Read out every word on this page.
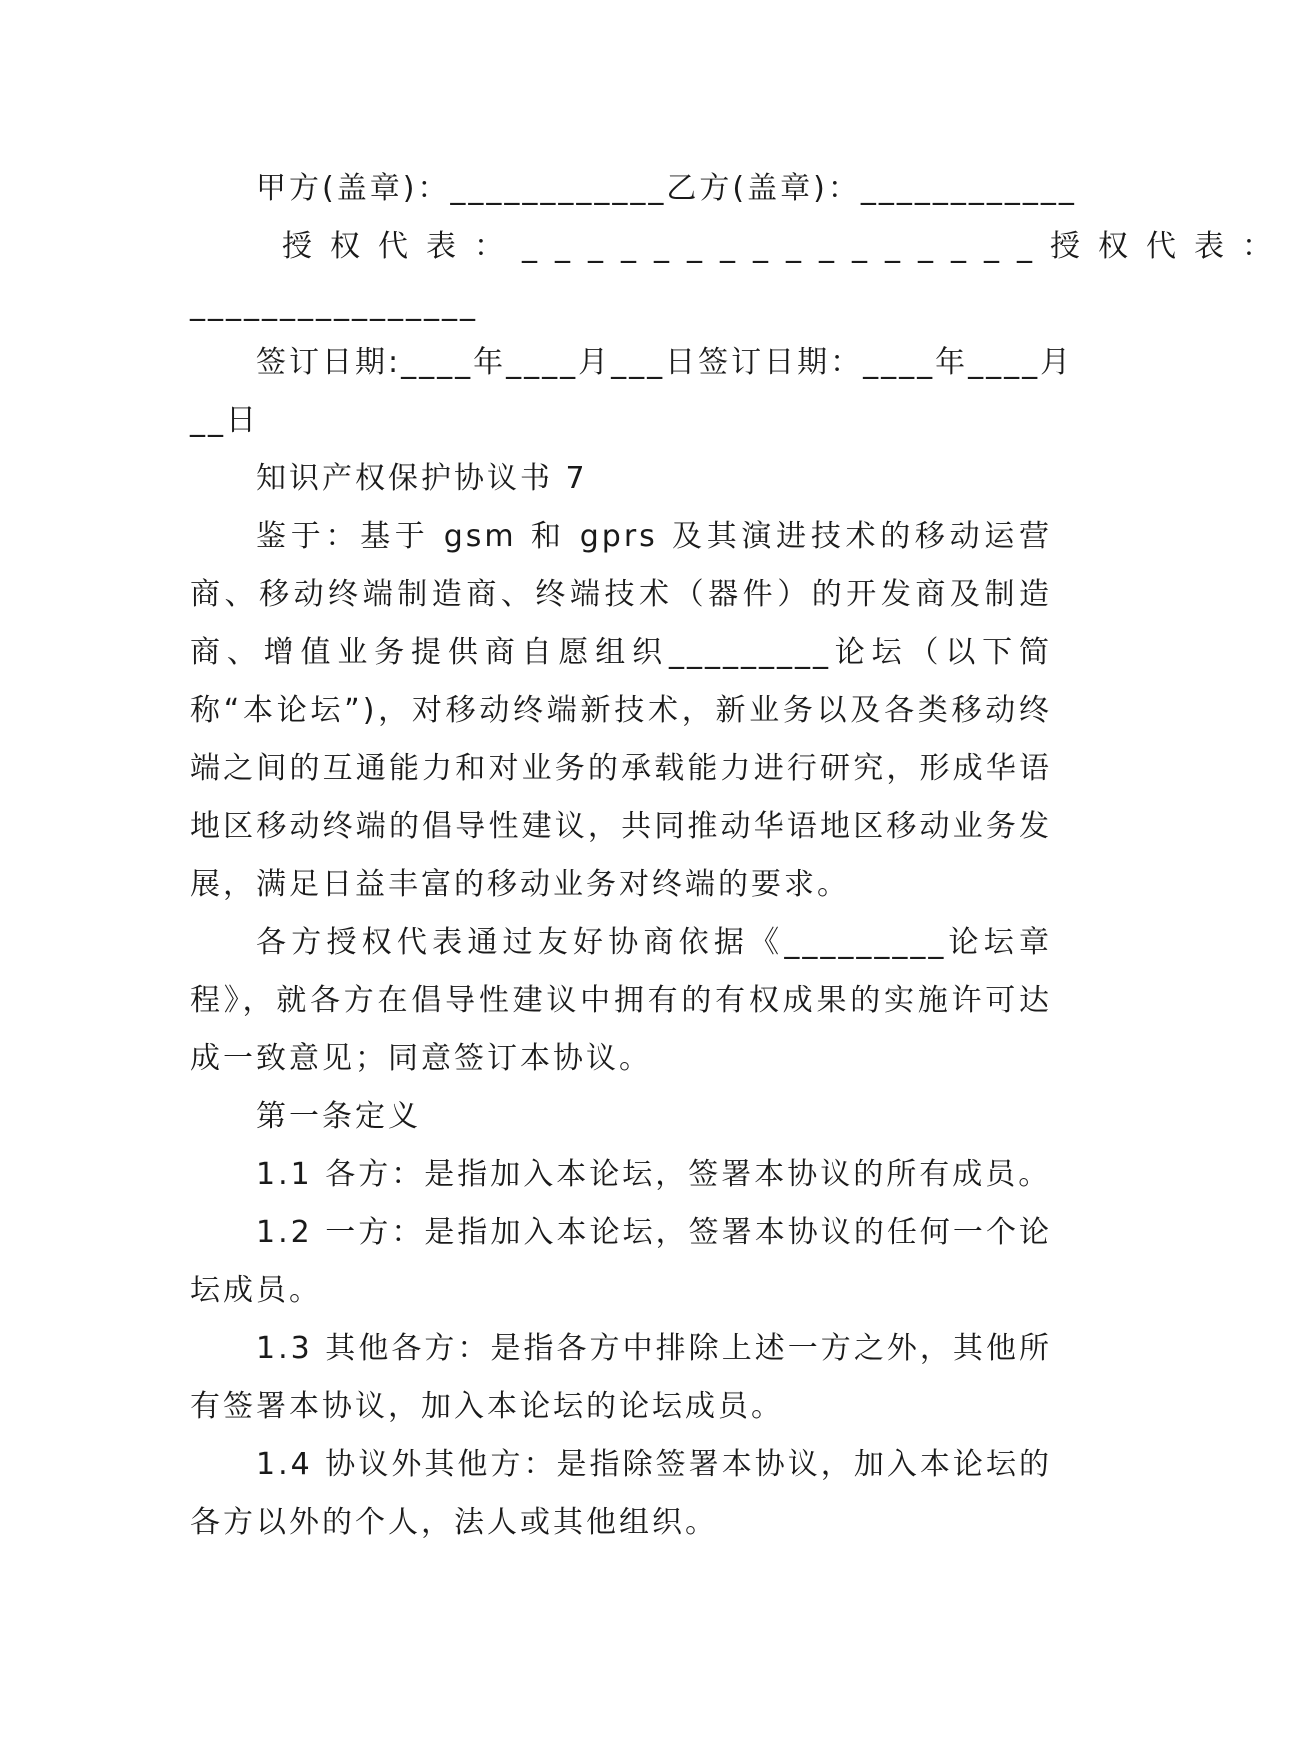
甲方(盖章)：____________乙方(盖章)：____________
授权代表：________________授权代表：
________________
签订日期:____年____月___日签订日期：____年____月
__日
知识产权保护协议书 7
鉴于：基于 gsm 和 gprs 及其演进技术的移动运营商、移动终端制造商、终端技术（器件）的开发商及制造商、增值业务提供商自愿组织_________论坛（以下简称“本论坛”)，对移动终端新技术，新业务以及各类移动终端之间的互通能力和对业务的承载能力进行研究，形成华语地区移动终端的倡导性建议，共同推动华语地区移动业务发展，满足日益丰富的移动业务对终端的要求。
各方授权代表通过友好协商依据《_________论坛章程》，就各方在倡导性建议中拥有的有权成果的实施许可达成一致意见；同意签订本协议。
第一条定义
1.1 各方：是指加入本论坛，签署本协议的所有成员。
1.2 一方：是指加入本论坛，签署本协议的任何一个论坛成员。
1.3 其他各方：是指各方中排除上述一方之外，其他所有签署本协议，加入本论坛的论坛成员。
1.4 协议外其他方：是指除签署本协议，加入本论坛的各方以外的个人，法人或其他组织。
